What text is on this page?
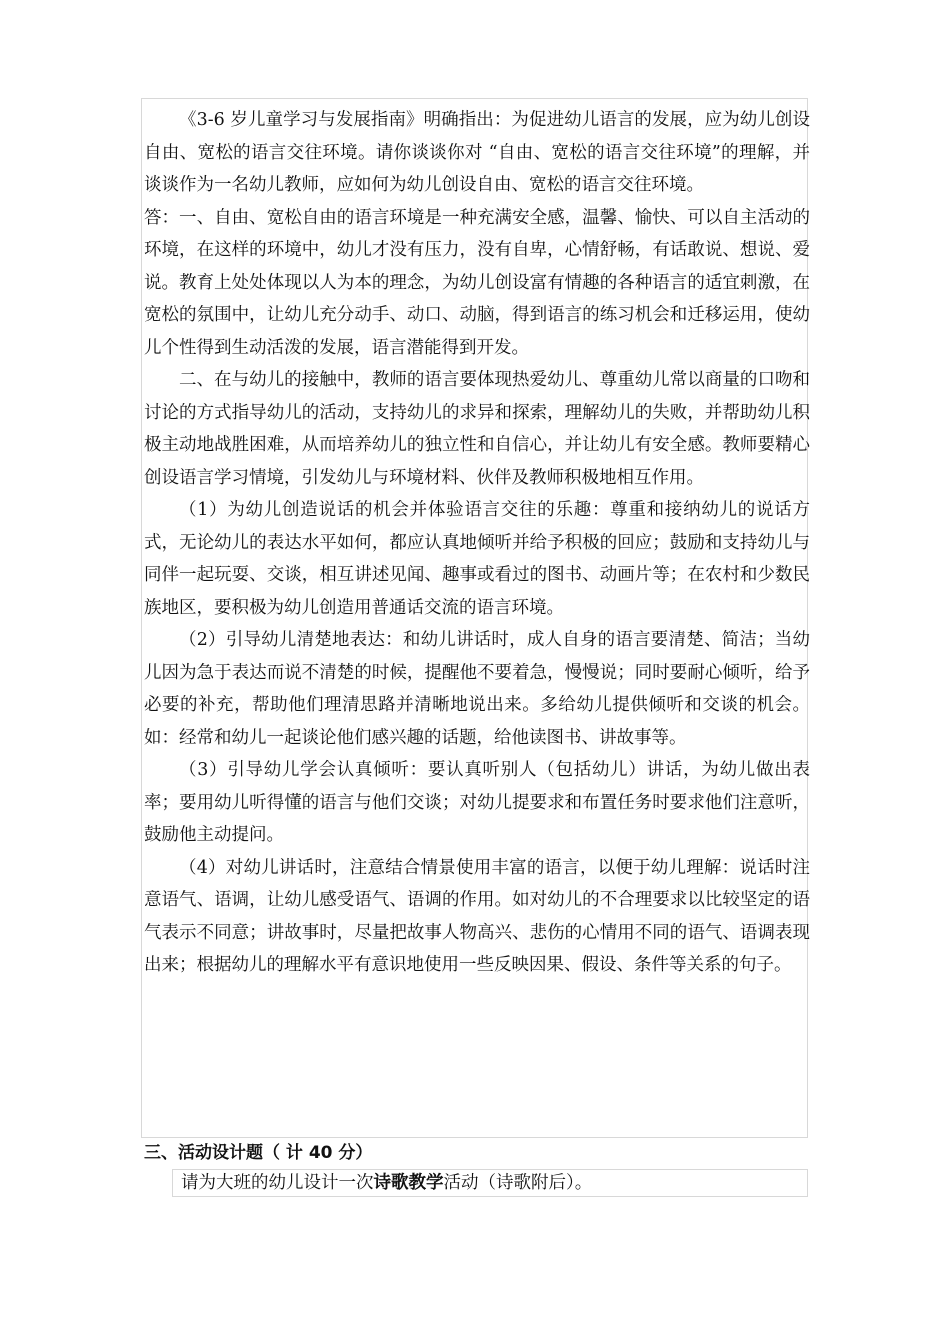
《3-6 岁儿童学习与发展指南》明确指出：为促进幼儿语言的发展，应为幼儿创设自由、宽松的语言交往环境。请你谈谈你对 “自由、宽松的语言交往环境”的理解，并谈谈作为一名幼儿教师，应如何为幼儿创设自由、宽松的语言交往环境。

答：一、自由、宽松自由的语言环境是一种充满安全感，温馨、愉快、可以自主活动的环境，在这样的环境中，幼儿才没有压力，没有自卑，心情舒畅，有话敢说、想说、爱说。教育上处处体现以人为本的理念，为幼儿创设富有情趣的各种语言的适宜刺激，在宽松的氛围中，让幼儿充分动手、动口、动脑，得到语言的练习机会和迁移运用，使幼儿个性得到生动活泼的发展，语言潜能得到开发。

二、在与幼儿的接触中，教师的语言要体现热爱幼儿、尊重幼儿常以商量的口吻和讨论的方式指导幼儿的活动，支持幼儿的求异和探索，理解幼儿的失败，并帮助幼儿积极主动地战胜困难，从而培养幼儿的独立性和自信心，并让幼儿有安全感。教师要精心创设语言学习情境，引发幼儿与环境材料、伙伴及教师积极地相互作用。

（1）为幼儿创造说话的机会并体验语言交往的乐趣：尊重和接纳幼儿的说话方式，无论幼儿的表达水平如何，都应认真地倾听并给予积极的回应；鼓励和支持幼儿与同伴一起玩耍、交谈，相互讲述见闻、趣事或看过的图书、动画片等；在农村和少数民族地区，要积极为幼儿创造用普通话交流的语言环境。

（2）引导幼儿清楚地表达：和幼儿讲话时，成人自身的语言要清楚、简洁；当幼儿因为急于表达而说不清楚的时候，提醒他不要着急，慢慢说；同时要耐心倾听，给予必要的补充，帮助他们理清思路并清晰地说出来。多给幼儿提供倾听和交谈的机会。如：经常和幼儿一起谈论他们感兴趣的话题，给他读图书、讲故事等。

（3）引导幼儿学会认真倾听：要认真听别人（包括幼儿）讲话，为幼儿做出表率；要用幼儿听得懂的语言与他们交谈；对幼儿提要求和布置任务时要求他们注意听，鼓励他主动提问。

（4）对幼儿讲话时，注意结合情景使用丰富的语言，以便于幼儿理解：说话时注意语气、语调，让幼儿感受语气、语调的作用。如对幼儿的不合理要求以比较坚定的语气表示不同意；讲故事时，尽量把故事人物高兴、悲伤的心情用不同的语气、语调表现出来；根据幼儿的理解水平有意识地使用一些反映因果、假设、条件等关系的句子。

三、活动设计题（ 计 40 分）
请为大班的幼儿设计一次诗歌教学活动（诗歌附后）。
